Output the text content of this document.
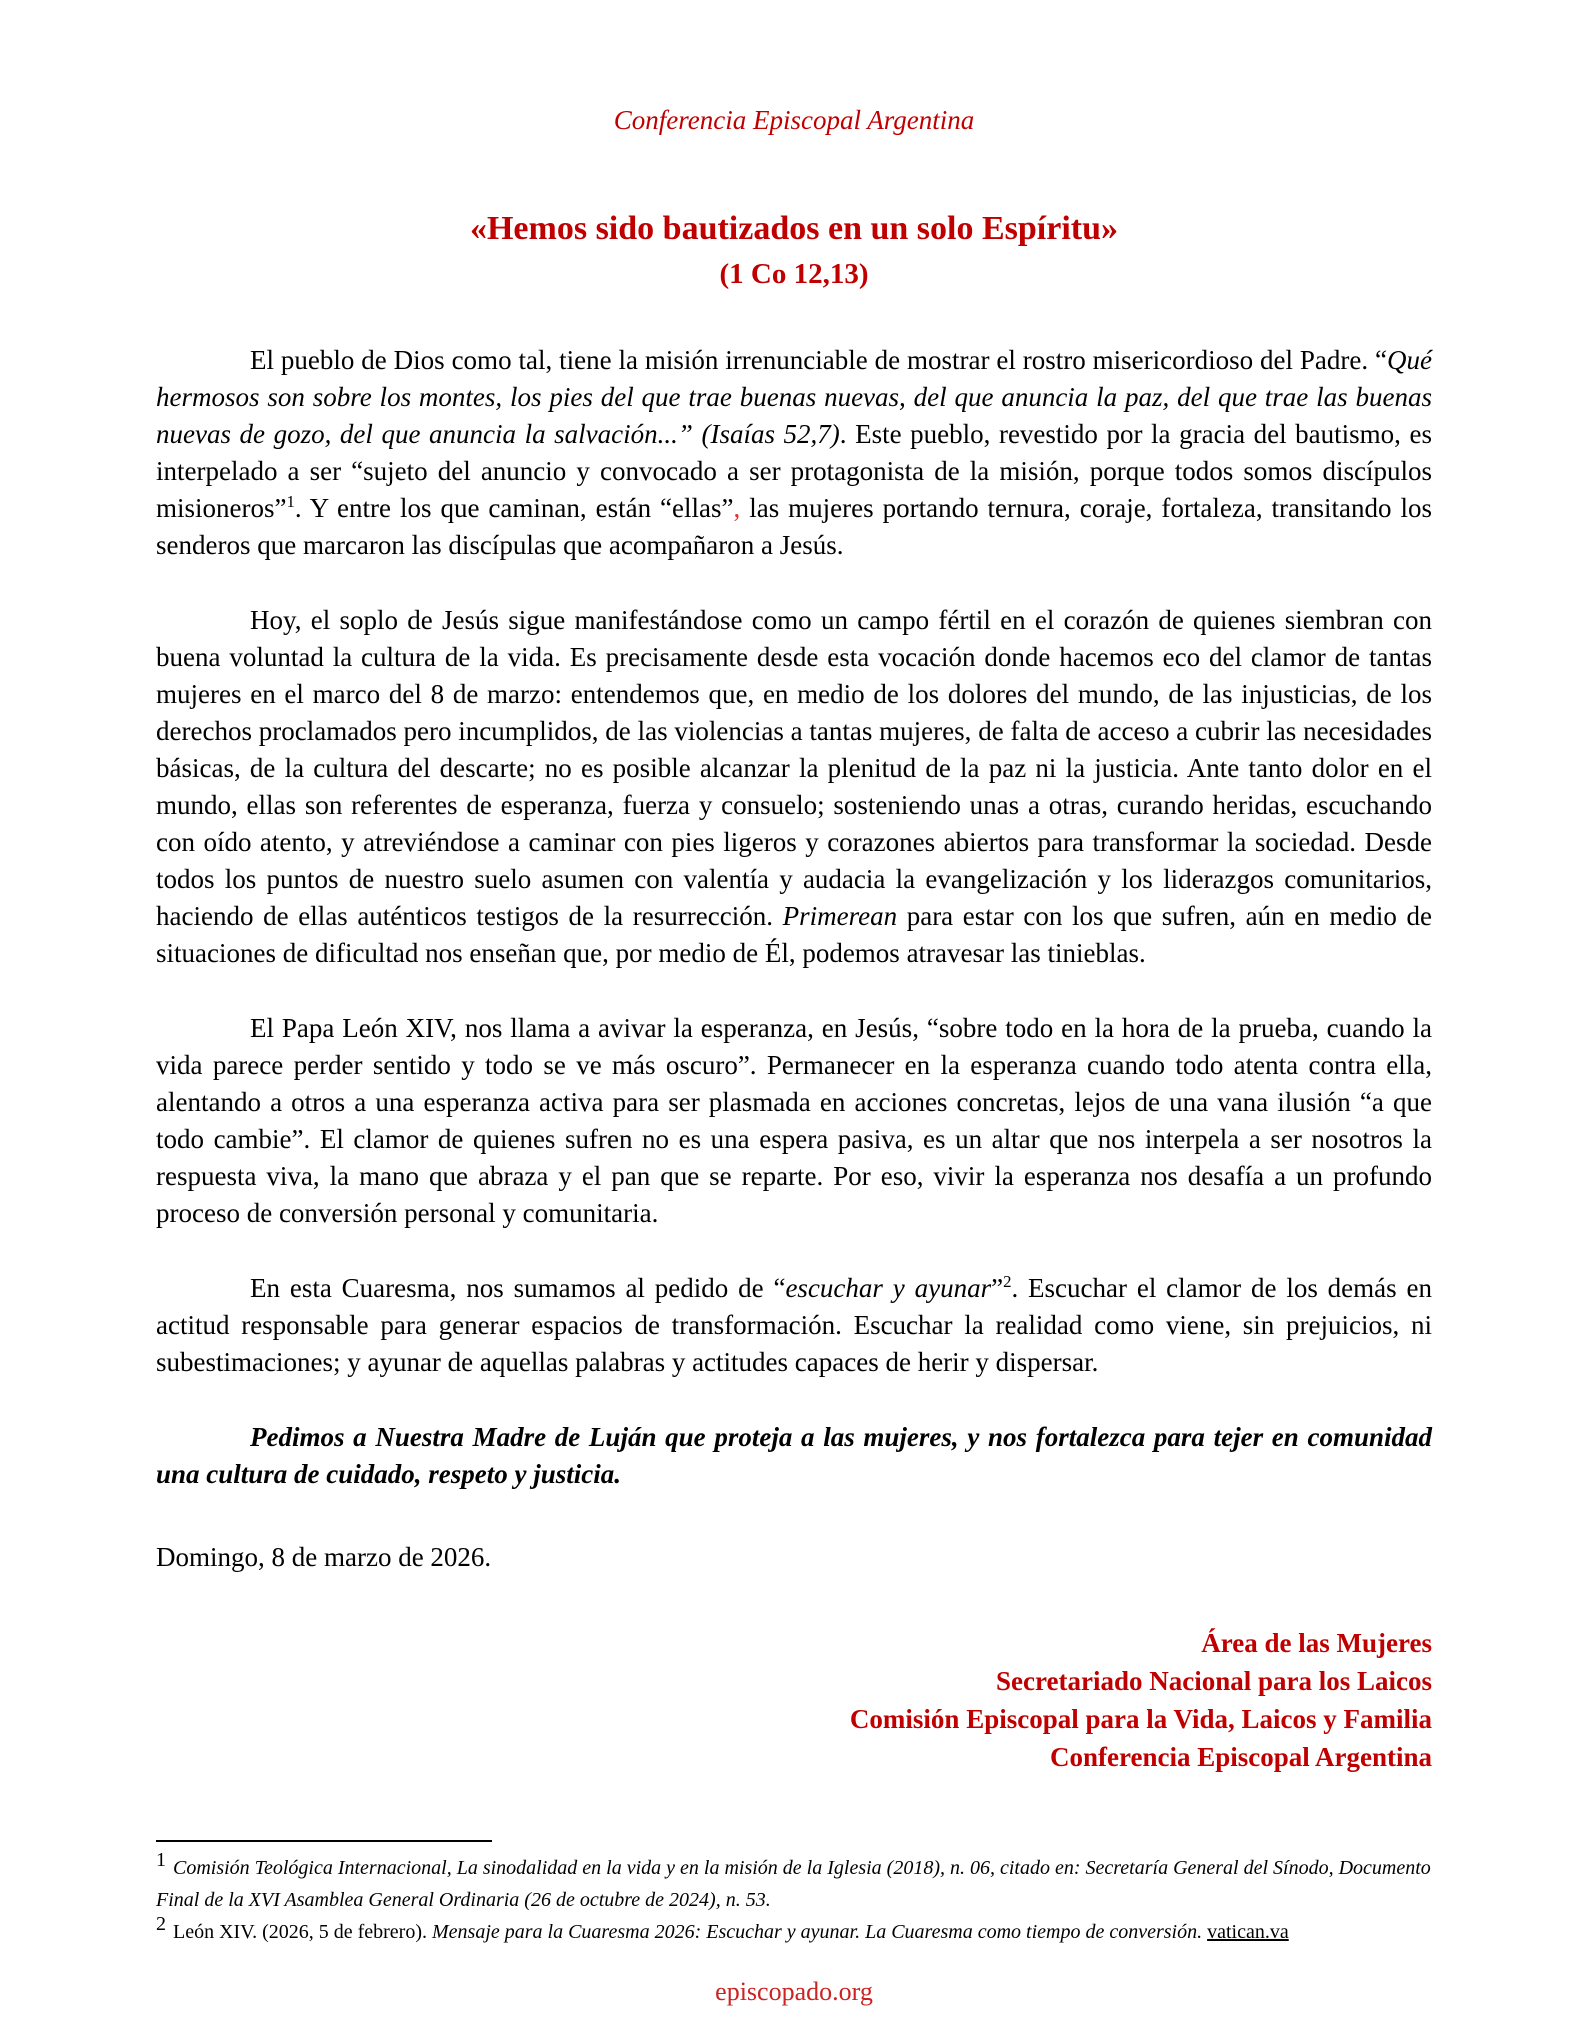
Conferencia Episcopal Argentina
«Hemos sido bautizados en un solo Espíritu»
(1 Co 12,13)

El pueblo de Dios como tal, tiene la misión irrenunciable de mostrar el rostro misericordioso del Padre. “Qué hermosos son sobre los montes, los pies del que trae buenas nuevas, del que anuncia la paz, del que trae las buenas nuevas de gozo, del que anuncia la salvación...” (Isaías 52,7). Este pueblo, revestido por la gracia del bautismo, es interpelado a ser “sujeto del anuncio y convocado a ser protagonista de la misión, porque todos somos discípulos misioneros”$^1$. Y entre los que caminan, están “ellas”, las mujeres portando ternura, coraje, fortaleza, transitando los senderos que marcaron las discípulas que acompañaron a Jesús.

Hoy, el soplo de Jesús sigue manifestándose como un campo fértil en el corazón de quienes siembran con buena voluntad la cultura de la vida. Es precisamente desde esta vocación donde hacemos eco del clamor de tantas mujeres en el marco del 8 de marzo: entendemos que, en medio de los dolores del mundo, de las injusticias, de los derechos proclamados pero incumplidos, de las violencias a tantas mujeres, de falta de acceso a cubrir las necesidades básicas, de la cultura del descarte; no es posible alcanzar la plenitud de la paz ni la justicia. Ante tanto dolor en el mundo, ellas son referentes de esperanza, fuerza y consuelo; sosteniendo unas a otras, curando heridas, escuchando con oído atento, y atreviéndose a caminar con pies ligeros y corazones abiertos para transformar la sociedad. Desde todos los puntos de nuestro suelo asumen con valentía y audacia la evangelización y los liderazgos comunitarios, haciendo de ellas auténticos testigos de la resurrección. Primerean para estar con los que sufren, aún en medio de situaciones de dificultad nos enseñan que, por medio de Él, podemos atravesar las tinieblas.

El Papa León XIV, nos llama a avivar la esperanza, en Jesús, “sobre todo en la hora de la prueba, cuando la vida parece perder sentido y todo se ve más oscuro”. Permanecer en la esperanza cuando todo atenta contra ella, alentando a otros a una esperanza activa para ser plasmada en acciones concretas, lejos de una vana ilusión “a que todo cambie”. El clamor de quienes sufren no es una espera pasiva, es un altar que nos interpela a ser nosotros la respuesta viva, la mano que abraza y el pan que se reparte. Por eso, vivir la esperanza nos desafía a un profundo proceso de conversión personal y comunitaria.

En esta Cuaresma, nos sumamos al pedido de “escuchar y ayunar”$^2$. Escuchar el clamor de los demás en actitud responsable para generar espacios de transformación. Escuchar la realidad como viene, sin prejuicios, ni subestimaciones; y ayunar de aquellas palabras y actitudes capaces de herir y dispersar.

Pedimos a Nuestra Madre de Luján que proteja a las mujeres, y nos fortalezca para tejer en comunidad una cultura de cuidado, respeto y justicia.

Domingo, 8 de marzo de 2026.

Área de las Mujeres
Secretariado Nacional para los Laicos
Comisión Episcopal para la Vida, Laicos y Familia
Conferencia Episcopal Argentina
1 Comisión Teológica Internacional, La sinodalidad en la vida y en la misión de la Iglesia (2018), n. 06, citado en: Secretaría General del Sínodo, Documento Final de la XVI Asamblea General Ordinaria (26 de octubre de 2024), n. 53.
2 León XIV. (2026, 5 de febrero). Mensaje para la Cuaresma 2026: Escuchar y ayunar. La Cuaresma como tiempo de conversión. vatican.va
episcopado.org
